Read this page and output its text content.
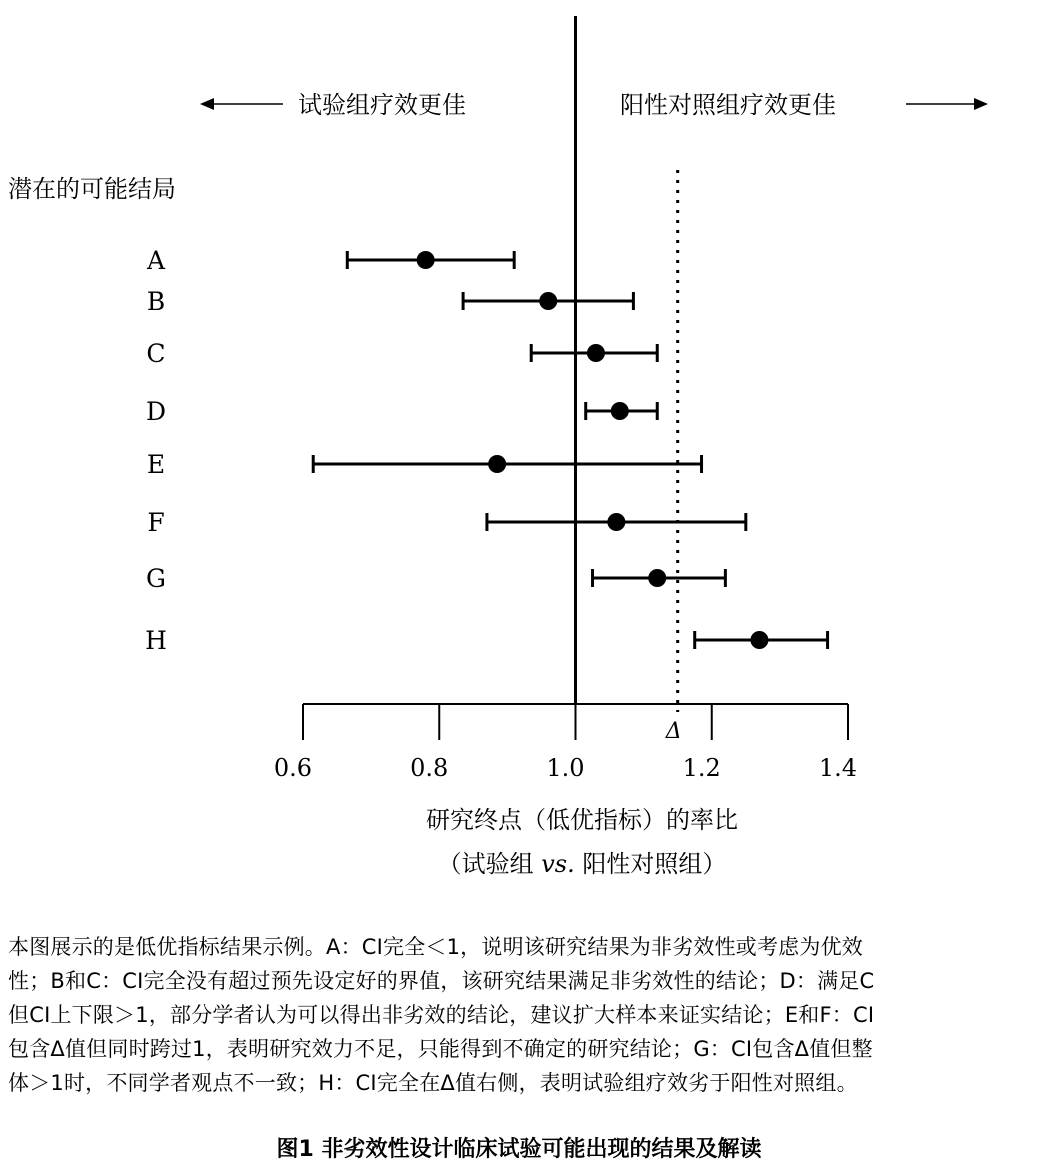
试验组疗效更佳	阳性对照组疗效更佳
潜在的可能结局
0.6	0.8	1.0	1.2	1.4
Δ
A
B
C
D
E
F
G
H
研究终点（低优指标）的率比
（试验组 vs. 阳性对照组）

本图展示的是低优指标结果示例。A：CI完全＜1，说明该研究结果为非劣效性或考虑为优效

性；B和C：CI完全没有超过预先设定好的界值，该研究结果满足非劣效性的结论；D：满足C

但CI上下限＞1，部分学者认为可以得出非劣效的结论，建议扩大样本来证实结论；E和F：CI

包含Δ值但同时跨过1，表明研究效力不足，只能得到不确定的研究结论；G：CI包含Δ值但整

体＞1时，不同学者观点不一致；H：CI完全在Δ值右侧，表明试验组疗效劣于阳性对照组。

图1 非劣效性设计临床试验可能出现的结果及解读
